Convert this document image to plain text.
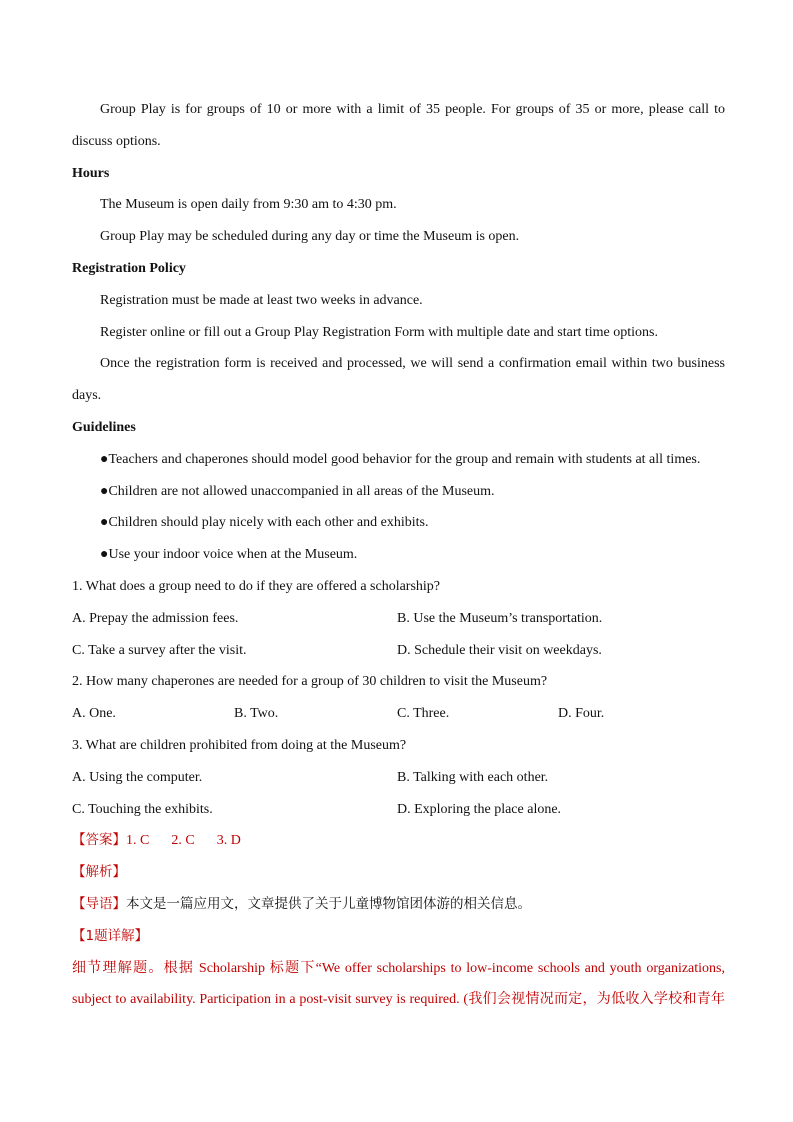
Group Play is for groups of 10 or more with a limit of 35 people. For groups of 35 or more, please call to
discuss options.
Hours
The Museum is open daily from 9:30 am to 4:30 pm.
Group Play may be scheduled during any day or time the Museum is open.
Registration Policy
Registration must be made at least two weeks in advance.
Register online or fill out a Group Play Registration Form with multiple date and start time options.
Once the registration form is received and processed, we will send a confirmation email within two business
days.
Guidelines
●Teachers and chaperones should model good behavior for the group and remain with students at all times.
●Children are not allowed unaccompanied in all areas of the Museum.
●Children should play nicely with each other and exhibits.
●Use your indoor voice when at the Museum.
1. What does a group need to do if they are offered a scholarship?
A. Prepay the admission fees.	B. Use the Museum’s transportation.
C. Take a survey after the visit.	D. Schedule their visit on weekdays.
2. How many chaperones are needed for a group of 30 children to visit the Museum?
A. One.	B. Two.	C. Three.	D. Four.
3. What are children prohibited from doing at the Museum?
A. Using the computer.	B. Talking with each other.
C. Touching the exhibits.	D. Exploring the place alone.
【答案】1. C 2. C 3. D
【解析】
【导语】本文是一篇应用文，文章提供了关于儿童博物馆团体游的相关信息。
【1题详解】
细节理解题。根据 Scholarship 标题下“We offer scholarships to low-income schools and youth organizations,
subject to availability. Participation in a post-visit survey is required. (我们会视情况而定，为低收入学校和青年
